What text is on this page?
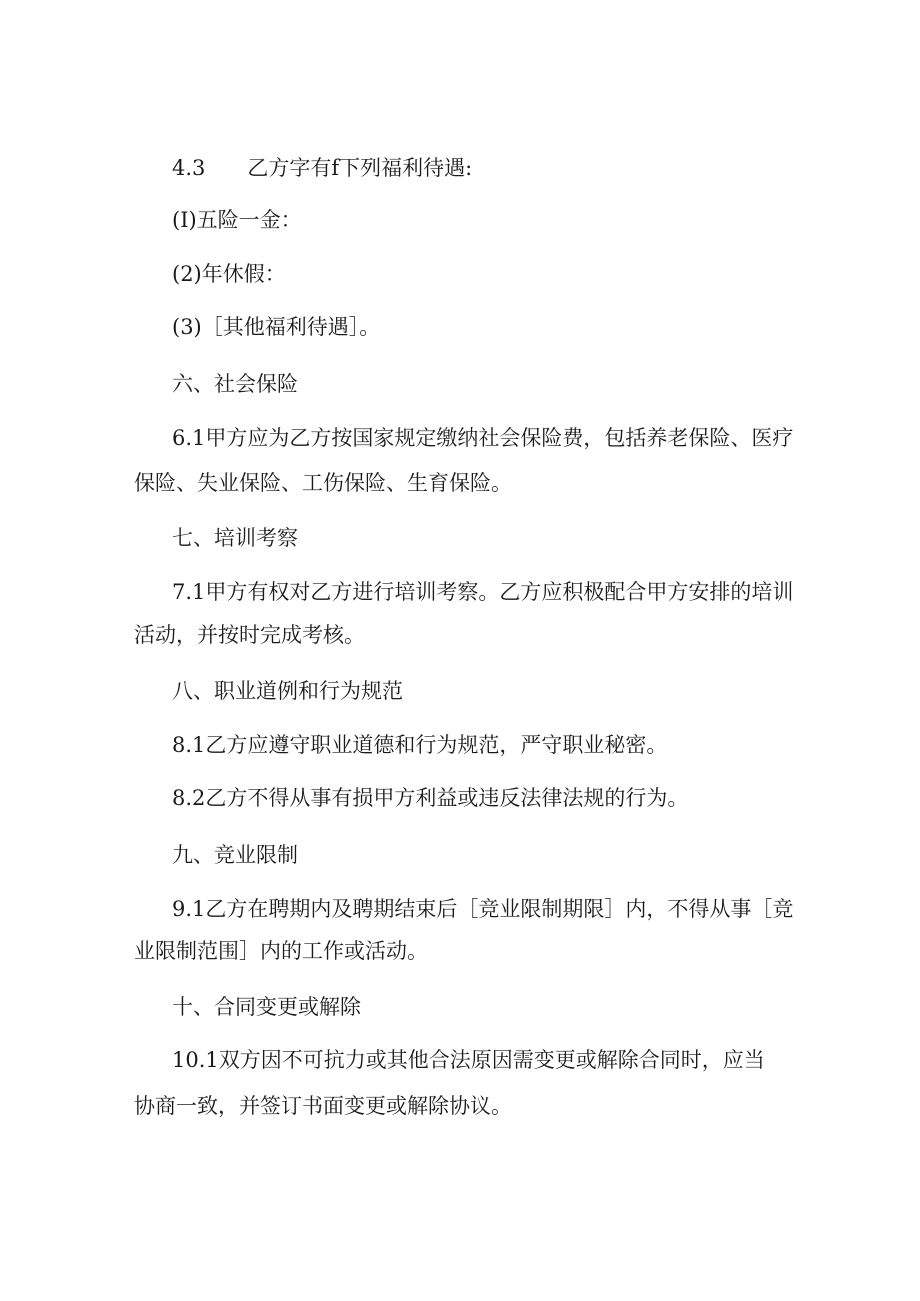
4.3 乙方字有f下列福利待遇:
(I)五险一金：
(2)年休假：
(3)［其他福利待遇］。
六、社会保险
6.1甲方应为乙方按国家规定缴纳社会保险费，包括养老保险、医疗
保险、失业保险、工伤保险、生育保险。
七、培训考察
7.1甲方有权对乙方进行培训考察。乙方应积极配合甲方安排的培训
活动，并按时完成考核。
八、职业道例和行为规范
8.1乙方应遵守职业道德和行为规范，严守职业秘密。
8.2乙方不得从事有损甲方利益或违反法律法规的行为。
九、竞业限制
9.1乙方在聘期内及聘期结束后［竞业限制期限］内，不得从事［竞
业限制范围］内的工作或活动。
十、合同变更或解除
10.1双方因不可抗力或其他合法原因需变更或解除合同时，应当
协商一致，并签订书面变更或解除协议。
